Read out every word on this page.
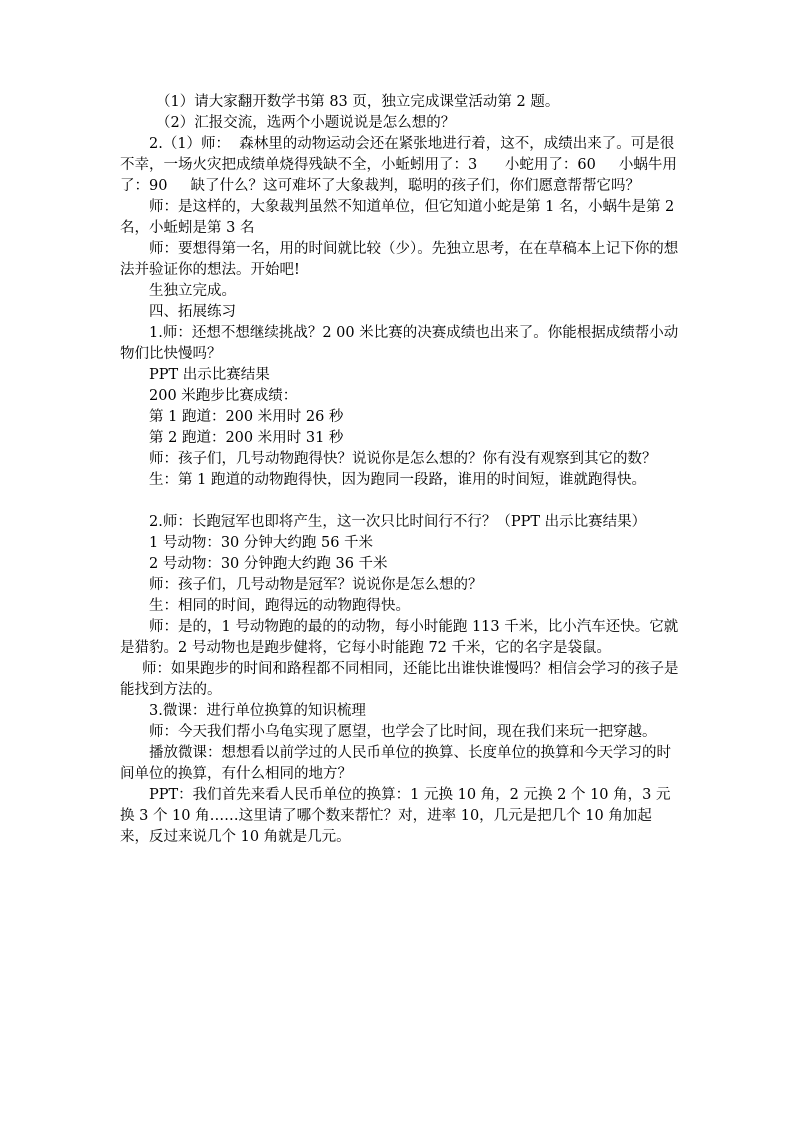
（1）请大家翻开数学书第 83 页，独立完成课堂活动第 2 题。

（2）汇报交流，选两个小题说说是怎么想的？

2.（1）师：  森林里的动物运动会还在紧张地进行着，这不，成绩出来了。可是很不幸，一场火灾把成绩单烧得残缺不全，小蚯蚓用了：3      小蛇用了：60     小蜗牛用了：90     缺了什么？这可难坏了大象裁判，聪明的孩子们，你们愿意帮帮它吗？

师：是这样的，大象裁判虽然不知道单位，但它知道小蛇是第 1 名，小蜗牛是第 2 名，小蚯蚓是第 3 名

师：要想得第一名，用的时间就比较（少）。先独立思考，在在草稿本上记下你的想法并验证你的想法。开始吧!

生独立完成。

四、拓展练习

1.师：还想不想继续挑战？2 00 米比赛的决赛成绩也出来了。你能根据成绩帮小动物们比快慢吗？

PPT 出示比赛结果

200 米跑步比赛成绩：

第 1 跑道：200 米用时 26 秒

第 2 跑道：200 米用时 31 秒

师：孩子们，几号动物跑得快？说说你是怎么想的？你有没有观察到其它的数？

生：第 1 跑道的动物跑得快，因为跑同一段路，谁用的时间短，谁就跑得快。

2.师：长跑冠军也即将产生，这一次只比时间行不行？（PPT 出示比赛结果）

1 号动物：30 分钟大约跑 56 千米

2 号动物：30 分钟跑大约跑 36 千米

师：孩子们，几号动物是冠军？说说你是怎么想的？

生：相同的时间，跑得远的动物跑得快。

师：是的，1 号动物跑的最的的动物，每小时能跑 113 千米，比小汽车还快。它就是猎豹。2 号动物也是跑步健将，它每小时能跑 72 千米，它的名字是袋鼠。

师：如果跑步的时间和路程都不同相同，还能比出谁快谁慢吗？相信会学习的孩子是能找到方法的。

3.微课：进行单位换算的知识梳理

师：今天我们帮小乌龟实现了愿望，也学会了比时间，现在我们来玩一把穿越。

播放微课：想想看以前学过的人民币单位的换算、长度单位的换算和今天学习的时间单位的换算，有什么相同的地方？

PPT：我们首先来看人民币单位的换算：1 元换 10 角，2 元换 2 个 10 角，3 元换 3 个 10 角……这里请了哪个数来帮忙？对，进率 10，几元是把几个 10 角加起来，反过来说几个 10 角就是几元。
